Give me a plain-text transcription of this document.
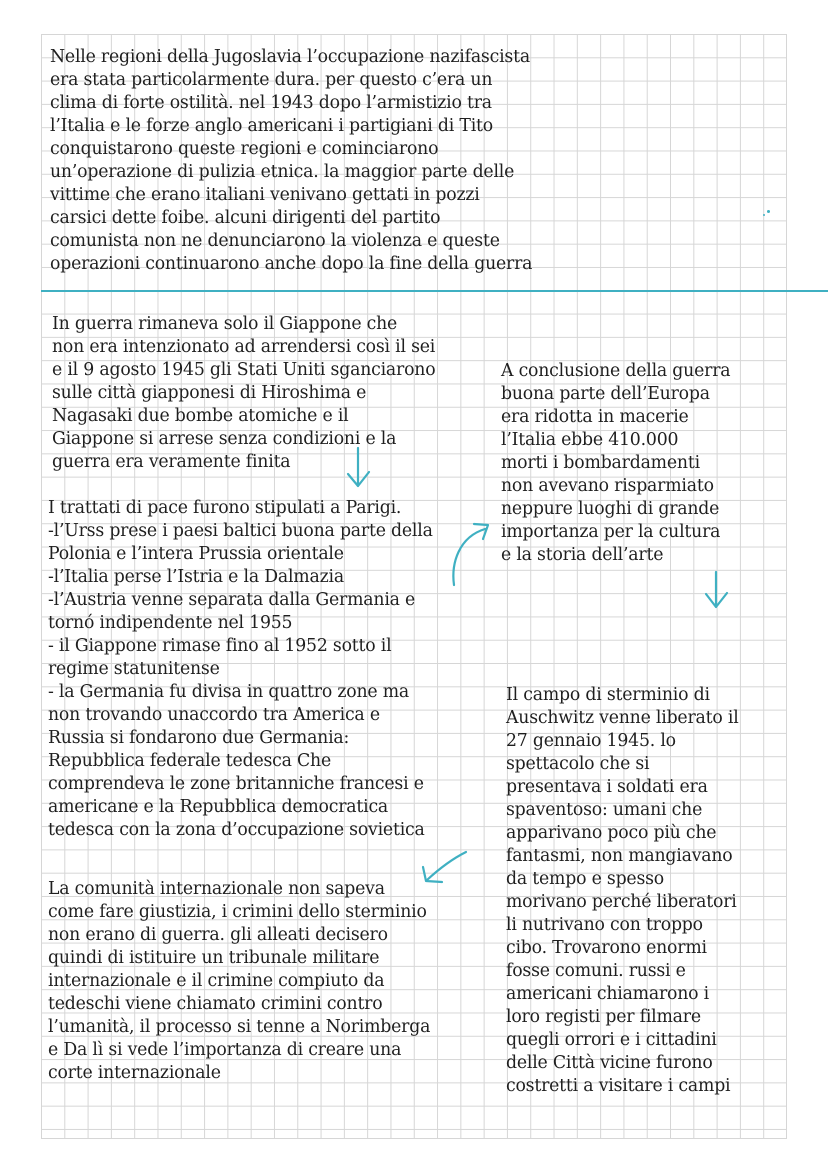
Nelle regioni della Jugoslavia l’occupazione nazifascista
era stata particolarmente dura. per questo c’era un
clima di forte ostilità. nel 1943 dopo l’armistizio tra
l’Italia e le forze anglo americani i partigiani di Tito
conquistarono queste regioni e cominciarono
un’operazione di pulizia etnica. la maggior parte delle
vittime che erano italiani venivano gettati in pozzi
carsici dette foibe. alcuni dirigenti del partito
comunista non ne denunciarono la violenza e queste
operazioni continuarono anche dopo la fine della guerra

In guerra rimaneva solo il Giappone che
non era intenzionato ad arrendersi così il sei
e il 9 agosto 1945 gli Stati Uniti sganciarono
sulle città giapponesi di Hiroshima e
Nagasaki due bombe atomiche e il
Giappone si arrese senza condizioni e la
guerra era veramente finita

A conclusione della guerra
buona parte dell’Europa
era ridotta in macerie
l’Italia ebbe 410.000
morti i bombardamenti
non avevano risparmiato
neppure luoghi di grande
importanza per la cultura
e la storia dell’arte

I trattati di pace furono stipulati a Parigi.
-l’Urss prese i paesi baltici buona parte della
Polonia e l’intera Prussia orientale
-l’Italia perse l’Istria e la Dalmazia
-l’Austria venne separata dalla Germania e
tornó indipendente nel 1955
- il Giappone rimase fino al 1952 sotto il
regime statunitense
- la Germania fu divisa in quattro zone ma
non trovando unaccordo tra America e
Russia si fondarono due Germania:
Repubblica federale tedesca Che
comprendeva le zone britanniche francesi e
americane e la Repubblica democratica
tedesca con la zona d’occupazione sovietica

Il campo di sterminio di
Auschwitz venne liberato il
27 gennaio 1945. lo
spettacolo che si
presentava i soldati era
spaventoso: umani che
apparivano poco più che
fantasmi, non mangiavano
da tempo e spesso
morivano perché liberatori
li nutrivano con troppo
cibo. Trovarono enormi
fosse comuni. russi e
americani chiamarono i
loro registi per filmare
quegli orrori e i cittadini
delle Città vicine furono
costretti a visitare i campi

La comunità internazionale non sapeva
come fare giustizia, i crimini dello sterminio
non erano di guerra. gli alleati decisero
quindi di istituire un tribunale militare
internazionale e il crimine compiuto da
tedeschi viene chiamato crimini contro
l’umanità, il processo si tenne a Norimberga
e Da lì si vede l’importanza di creare una
corte internazionale
